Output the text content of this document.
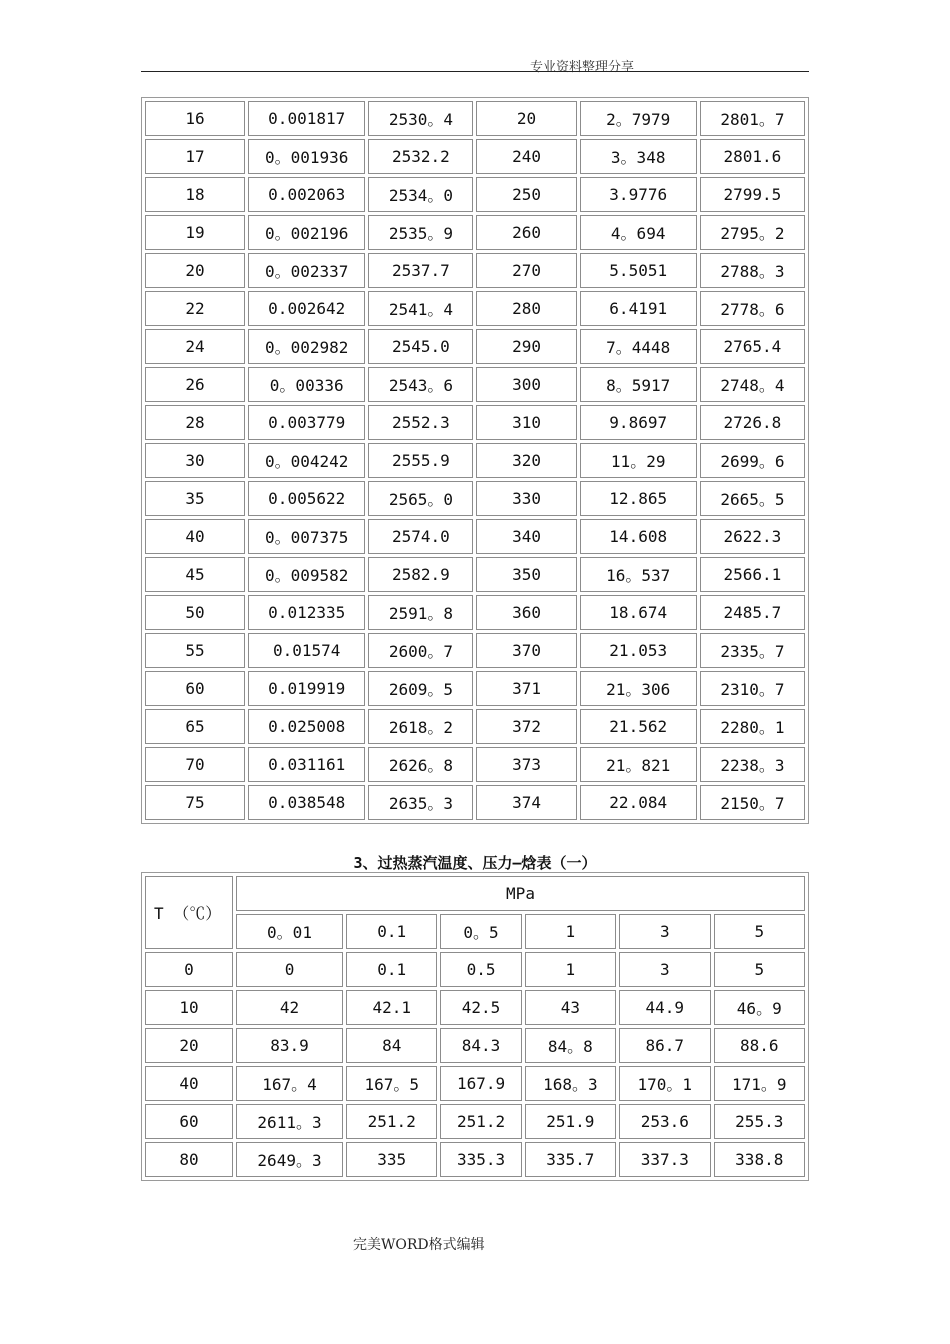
专业资料整理分享
16	0.001817	2530。4	20	2。7979	2801。7
17	0。001936	2532.2	240	3。348	2801.6
18	0.002063	2534。0	250	3.9776	2799.5
19	0。002196	2535。9	260	4。694	2795。2
20	0。002337	2537.7	270	5.5051	2788。3
22	0.002642	2541。4	280	6.4191	2778。6
24	0。002982	2545.0	290	7。4448	2765.4
26	0。00336	2543。6	300	8。5917	2748。4
28	0.003779	2552.3	310	9.8697	2726.8
30	0。004242	2555.9	320	11。29	2699。6
35	0.005622	2565。0	330	12.865	2665。5
40	0。007375	2574.0	340	14.608	2622.3
45	0。009582	2582.9	350	16。537	2566.1
50	0.012335	2591。8	360	18.674	2485.7
55	0.01574	2600。7	370	21.053	2335。7
60	0.019919	2609。5	371	21。306	2310。7
65	0.025008	2618。2	372	21.562	2280。1
70	0.031161	2626。8	373	21。821	2238。3
75	0.038548	2635。3	374	22.084	2150。7
3、过热蒸汽温度、压力—焓表（一）
T （℃）	MPa					
	0。01	0.1	0。5	1	3	5
0	0	0.1	0.5	1	3	5
10	42	42.1	42.5	43	44.9	46。9
20	83.9	84	84.3	84。8	86.7	88.6
40	167。4	167。5	167.9	168。3	170。1	171。9
60	2611。3	251.2	251.2	251.9	253.6	255.3
80	2649。3	335	335.3	335.7	337.3	338.8
完美WORD格式编辑
